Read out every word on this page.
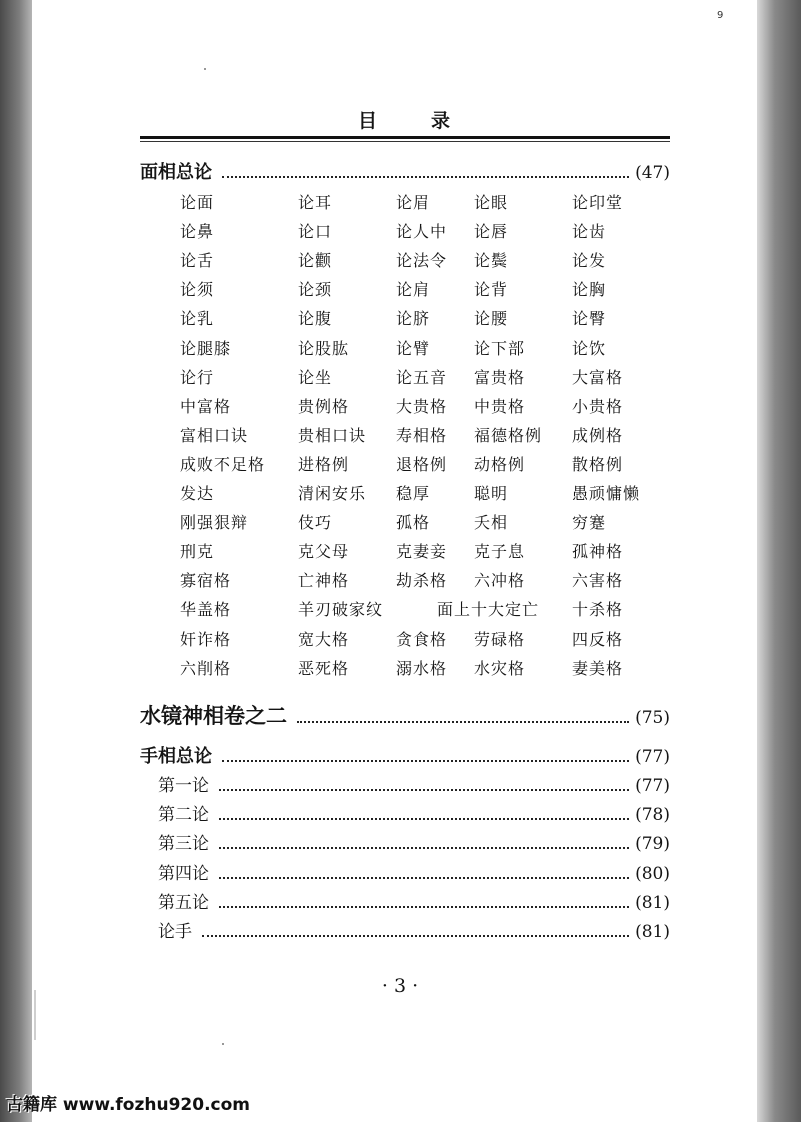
9
目	录
面相总论	(47)
论面	论耳	论眉	论眼	论印堂
论鼻	论口	论人中 论唇	论齿
论舌	论颧	论法令 论鬓	论发
论须	论颈	论肩	论背	论胸
论乳	论腹	论脐	论腰	论臀
论腿膝	论股肱	论臂	论下部	论饮
论行	论坐	论五音 富贵格	大富格
中富格	贵例格	大贵格 中贵格	小贵格
富相口诀	贵相口诀 寿相格 福德格例 成例格
成败不足格 进格例	退格例 动格例	散格例
发达	清闲安乐 稳厚	聪明	愚顽慵懒
刚强狠辩	伎巧	孤格	夭相	穷蹇
刑克	克父母	克妻妾 克子息	孤神格
寡宿格	亡神格	劫杀格 六冲格	六害格
华盖格	羊刃破家纹	面上十大定亡 十杀格
奸诈格	宽大格	贪食格 劳碌格	四反格
六削格	恶死格	溺水格 水灾格	妻美格
水镜神相卷之二	(75)
手相总论	(77)
第一论	(77)
第二论	(78)
第三论	(79)
第四论	(80)
第五论	(81)
论手	(81)
· 3 ·
古籍库 www.fozhu920.com
